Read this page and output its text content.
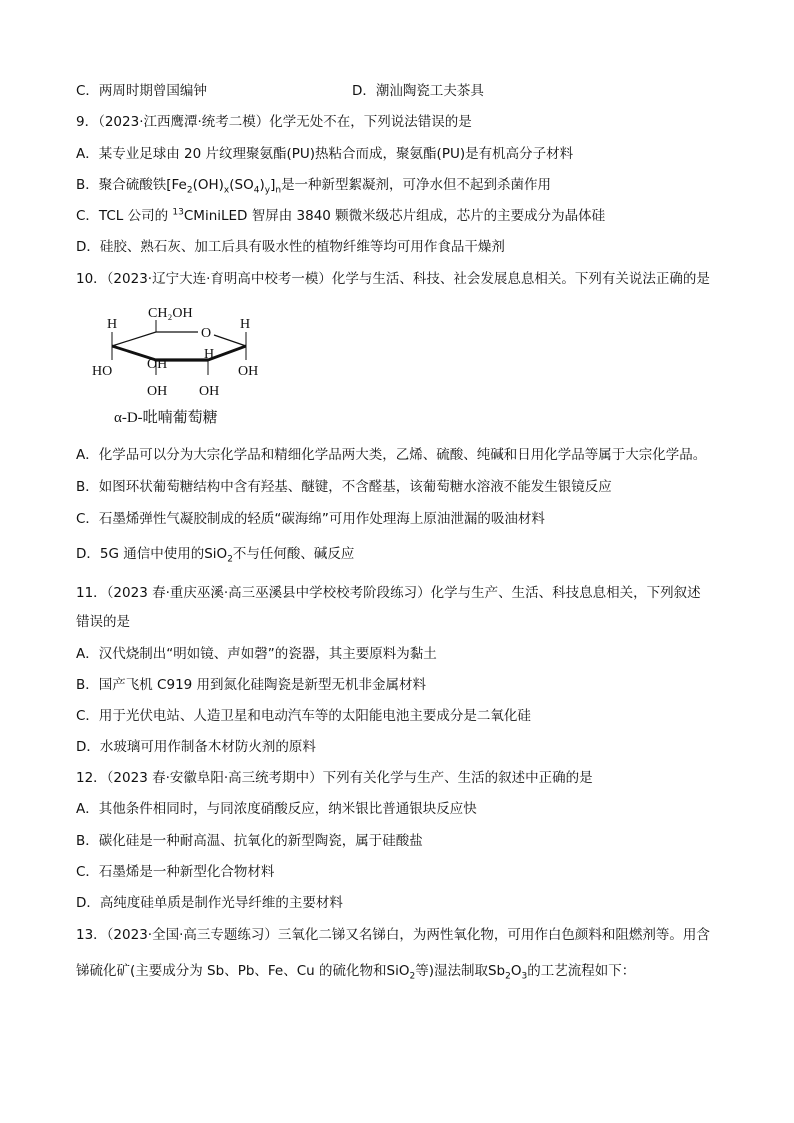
C．两周时期曾国编钟	D．潮汕陶瓷工夫茶具
9．（2023·江西鹰潭·统考二模）化学无处不在，下列说法错误的是
A．某专业足球由 20 片纹理聚氨酯(PU)热粘合而成，聚氨酯(PU)是有机高分子材料
B．聚合硫酸铁$[Fe_2(OH)_x(SO_4)_y]_n$是一种新型絮凝剂，可净水但不起到杀菌作用
C．TCL 公司的 $^{13}$CMiniLED 智屏由 3840 颗微米级芯片组成，芯片的主要成分为晶体硅
D．硅胶、熟石灰、加工后具有吸水性的植物纤维等均可用作食品干燥剂
10．（2023·辽宁大连·育明高中校考一模）化学与生活、科技、社会发展息息相关。下列有关说法正确的是
CH₂OH
O
H
HO OH
OH
H
OH
H
OH
α-D-吡喃葡萄糖
A．化学品可以分为大宗化学品和精细化学品两大类，乙烯、硫酸、纯碱和日用化学品等属于大宗化学品。
B．如图环状葡萄糖结构中含有羟基、醚键，不含醛基，该葡萄糖水溶液不能发生银镜反应
C．石墨烯弹性气凝胶制成的轻质“碳海绵”可用作处理海上原油泄漏的吸油材料
D．5G 通信中使用的SiO$_2$不与任何酸、碱反应
11．（2023 春·重庆巫溪·高三巫溪县中学校校考阶段练习）化学与生产、生活、科技息息相关，下列叙述
错误的是
A．汉代烧制出“明如镜、声如磬”的瓷器，其主要原料为黏土
B．国产飞机 C919 用到氮化硅陶瓷是新型无机非金属材料
C．用于光伏电站、人造卫星和电动汽车等的太阳能电池主要成分是二氧化硅
D．水玻璃可用作制备木材防火剂的原料
12．（2023 春·安徽阜阳·高三统考期中）下列有关化学与生产、生活的叙述中正确的是
A．其他条件相同时，与同浓度硝酸反应，纳米银比普通银块反应快
B．碳化硅是一种耐高温、抗氧化的新型陶瓷，属于硅酸盐
C．石墨烯是一种新型化合物材料
D．高纯度硅单质是制作光导纤维的主要材料
13．（2023·全国·高三专题练习）三氧化二锑又名锑白，为两性氧化物，可用作白色颜料和阻燃剂等。用含
锑硫化矿(主要成分为 Sb、Pb、Fe、Cu 的硫化物和SiO$_2$等)湿法制取$Sb_2O_3$的工艺流程如下：
